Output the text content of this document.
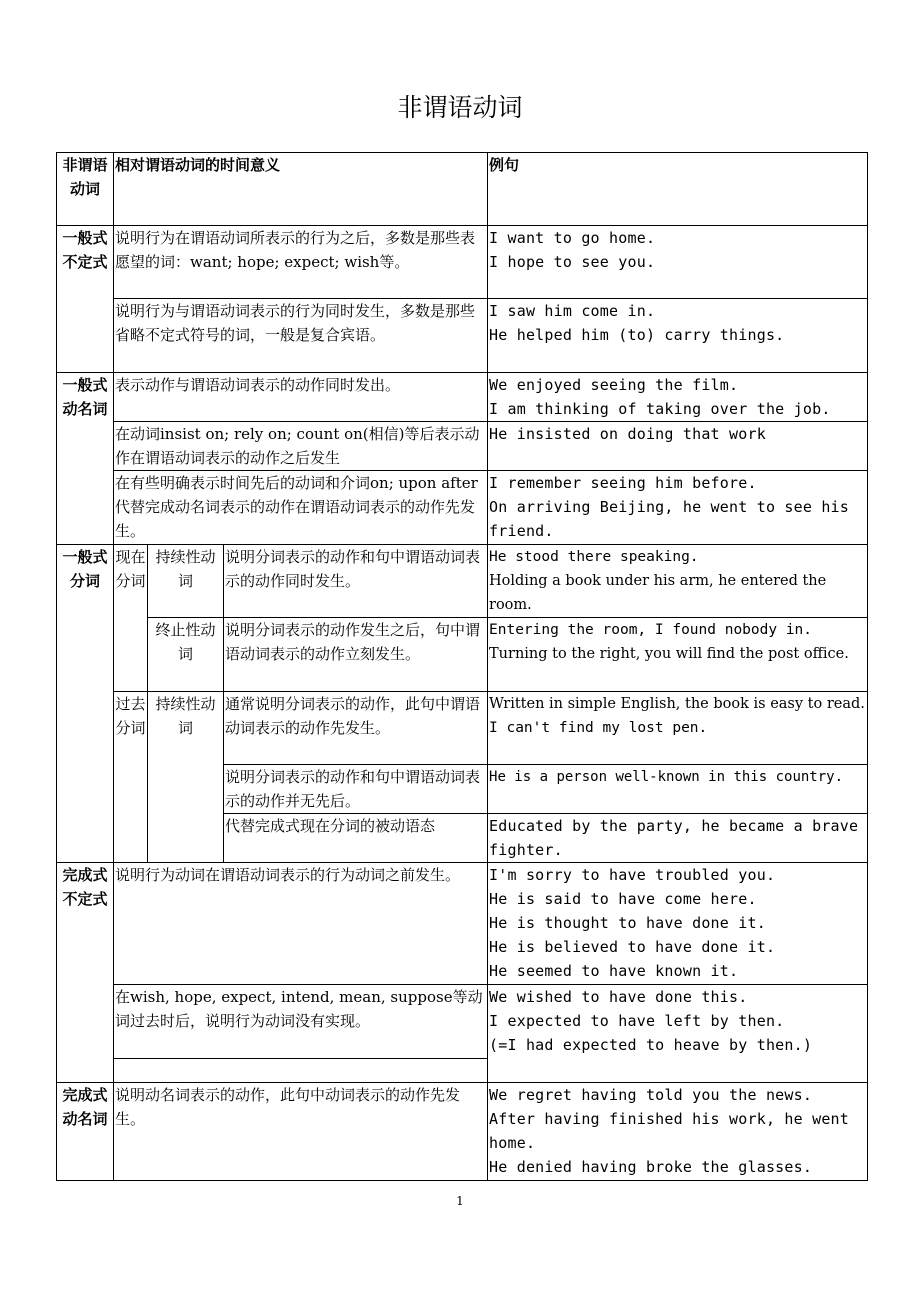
非谓语动词
非谓语动词	相对谓语动词的时间意义			例句
一般式不定式	说明行为在谓语动词所表示的行为之后，多数是那些表愿望的词：want; hope; expect; wish等。			I want to go home.
I hope to see you.

	说明行为与谓语动词表示的行为同时发生，多数是那些省略不定式符号的词，一般是复合宾语。			I saw him come in.
He helped him (to) carry things.

一般式动名词	表示动作与谓语动词表示的动作同时发出。			We enjoyed seeing the film.
I am thinking of taking over the job.

	在动词insist on; rely on; count on(相信)等后表示动作在谓语动词表示的动作之后发生			He insisted on doing that work

	在有些明确表示时间先后的动词和介词on; upon after代替完成动名词表示的动作在谓语动词表示的动作先发生。			I remember seeing him before.
On arriving Beijing, he went to see his friend.

一般式分词	现在分词	持续性动词	说明分词表示的动作和句中谓语动词表示的动作同时发生。	He stood there speaking.
Holding a book under his arm, he entered the room.

		终止性动词	说明分词表示的动作发生之后，句中谓语动词表示的动作立刻发生。	Entering the room, I found nobody in.
Turning to the right, you will find the post office.

	过去分词	持续性动词	通常说明分词表示的动作，此句中谓语动词表示的动作先发生。	Written in simple English, the book is easy to read.
I can't find my lost pen.

			说明分词表示的动作和句中谓语动词表示的动作并无先后。	He is a person well-known in this country.

			代替完成式现在分词的被动语态	Educated by the party, he became a brave fighter.

完成式不定式	说明行为动词在谓语动词表示的行为动词之前发生。			I'm sorry to have troubled you.
He is said to have come here.
He is thought to have done it.
He is believed to have done it.
He seemed to have known it.

	在wish, hope, expect, intend, mean, suppose等动词过去时后，说明行为动词没有实现。			We wished to have done this.
I expected to have left by then.
(=I had expected to heave by then.)

完成式动名词	说明动名词表示的动作，此句中动词表示的动作先发生。			We regret having told you the news.
After having finished his work, he went home.
He denied having broke the glasses.
1
